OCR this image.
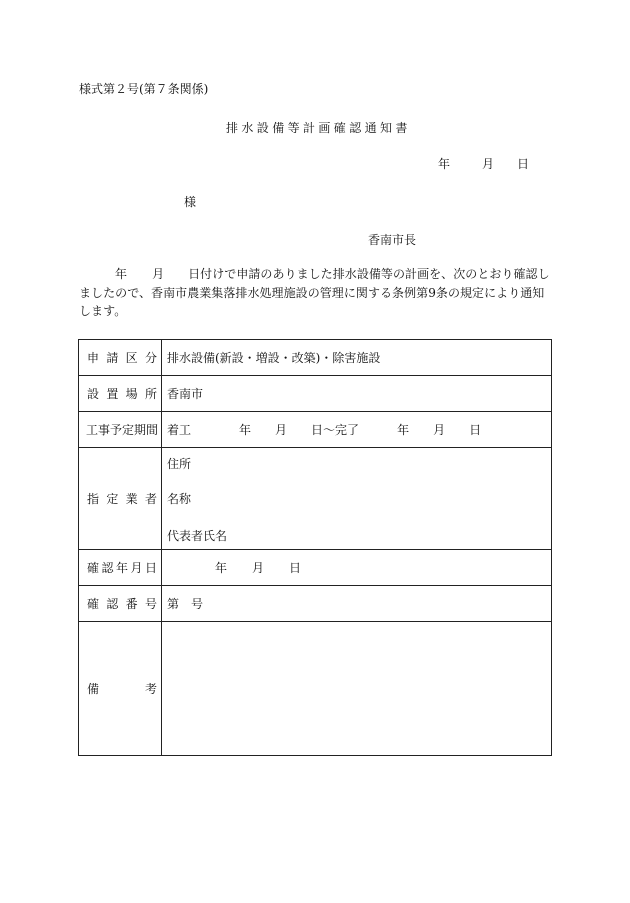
様式第２号(第７条関係)
排水設備等計画確認通知書
年	月 日
様
香南市長
年 月 日付けで申請のありました排水設備等の計画を、次のとおり確認しましたので、香南市農業集落排水処理施設の管理に関する条例第9条の規定により通知します。
申請区分	排水設備(新設・増設・改築)・除害施設

設置場所	香南市

工事予定期間	着工 年 月 日〜完了 年 月 日

指定業者	住所
名称
代表者氏名

確認年月日	年 月 日

確認番号	第 号

備考	
